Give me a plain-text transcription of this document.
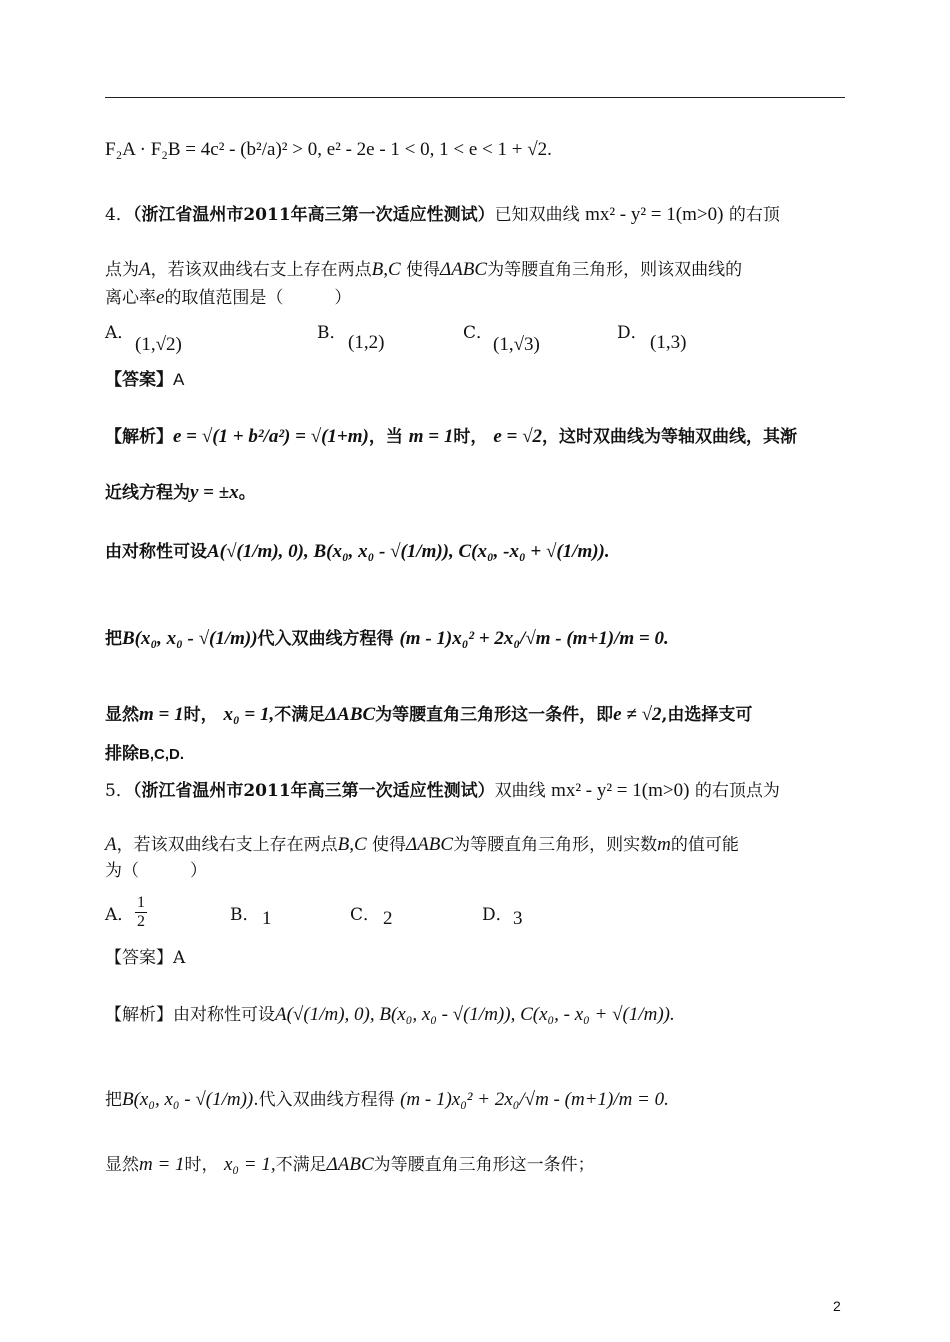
F₂A · F₂B = 4c² - (b²/a)² > 0, e² - 2e - 1 < 0, 1 < e < 1 + √2.
4．（浙江省温州市2011年高三第一次适应性测试）已知双曲线 mx² - y² = 1(m>0) 的右顶
点为A，若该双曲线右支上存在两点B,C 使得ΔABC为等腰直角三角形，则该双曲线的
离心率e的取值范围是（　　　）
A．
(1,√2)
B． (1,2)	C．
(1,√3)
D． (1,3)
【答案】A
【解析】e = √(1 + b²/a²) = √(1+m)，当 m = 1时， e = √2，这时双曲线为等轴双曲线，其渐
近线方程为y = ±x。
由对称性可设A(√(1/m), 0), B(x₀, x₀ - √(1/m)), C(x₀, -x₀ + √(1/m)).
把B(x₀, x₀ - √(1/m))代入双曲线方程得 (m - 1)x₀² + 2x₀/√m - (m+1)/m = 0.
显然m = 1时， x₀ = 1,不满足ΔABC为等腰直角三角形这一条件，即e ≠ √2,由选择支可
排除B,C,D.
5．（浙江省温州市2011年高三第一次适应性测试）双曲线 mx² - y² = 1(m>0) 的右顶点为
A，若该双曲线右支上存在两点B,C 使得ΔABC为等腰直角三角形，则实数m的值可能
为（　　　）
A． $\frac{1}{2}$	B． 1	C． 2	D． 3
【答案】A
【解析】由对称性可设A(√(1/m), 0), B(x₀, x₀ - √(1/m)), C(x₀, - x₀ + √(1/m)).
把B(x₀, x₀ - √(1/m)).代入双曲线方程得 (m - 1)x₀² + 2x₀/√m - (m+1)/m = 0.
显然m = 1时， x₀ = 1,不满足ΔABC为等腰直角三角形这一条件；
2
